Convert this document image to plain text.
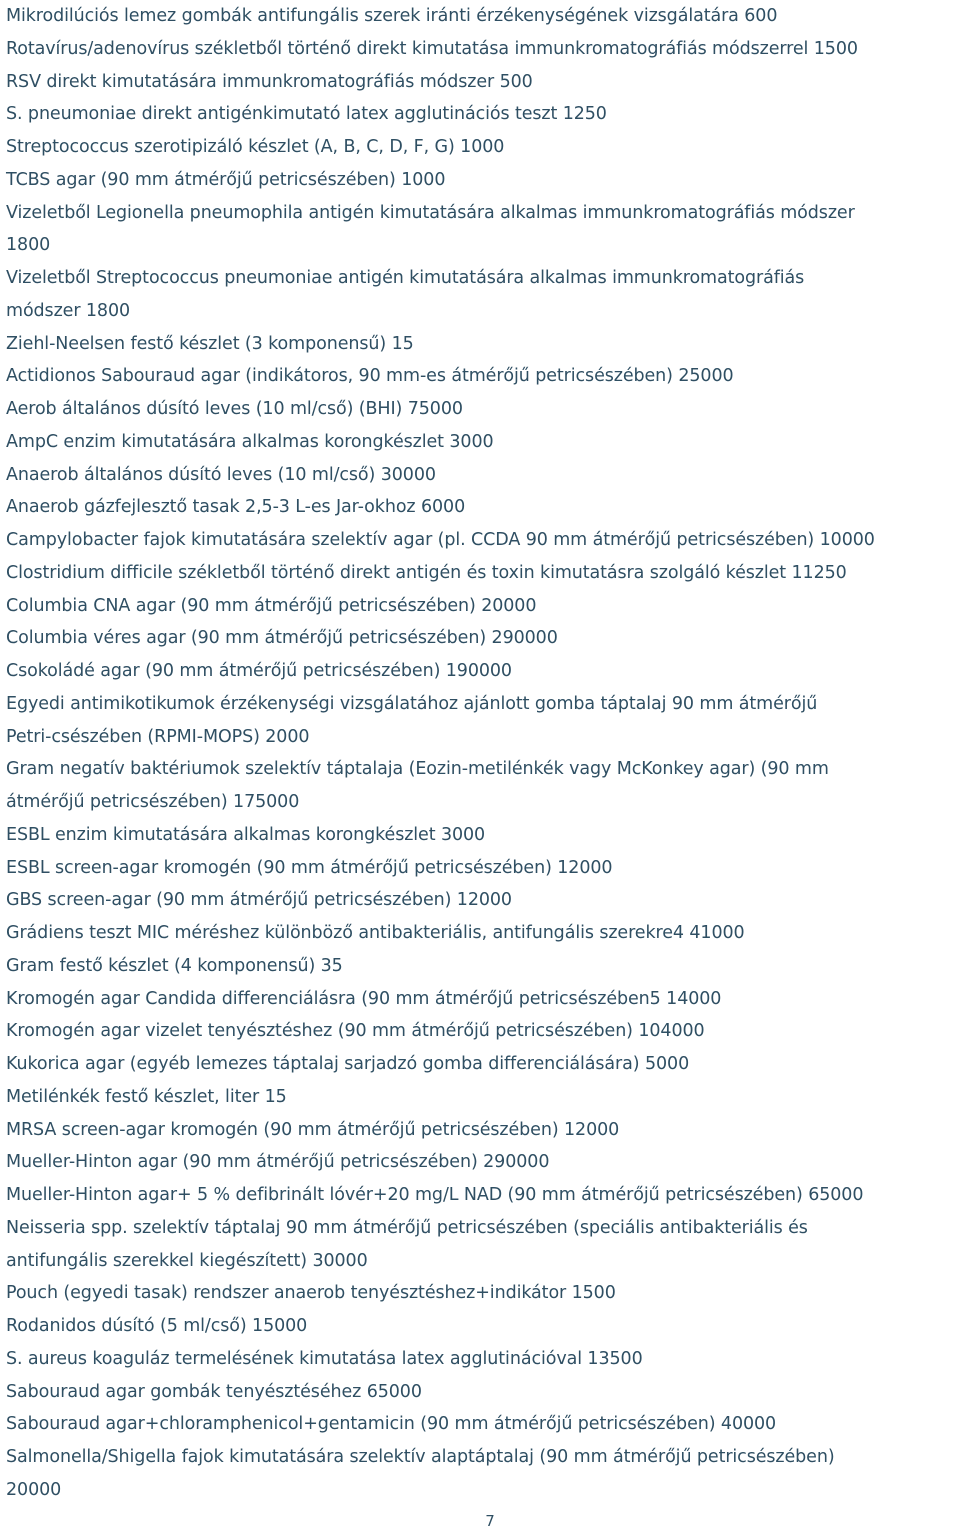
Mikrodilúciós lemez gombák antifungális szerek iránti érzékenységének vizsgálatára 600
Rotavírus/adenovírus székletből történő direkt kimutatása immunkromatográfiás módszerrel 1500
RSV direkt kimutatására immunkromatográfiás módszer 500
S. pneumoniae direkt antigénkimutató latex agglutinációs teszt 1250
Streptococcus szerotipizáló készlet (A, B, C, D, F, G) 1000
TCBS agar (90 mm átmérőjű petricsészében) 1000
Vizeletből Legionella pneumophila antigén kimutatására alkalmas immunkromatográfiás módszer
1800
Vizeletből Streptococcus pneumoniae antigén kimutatására alkalmas immunkromatográfiás
módszer 1800
Ziehl-Neelsen festő készlet (3 komponensű) 15
Actidionos Sabouraud agar (indikátoros, 90 mm-es átmérőjű petricsészében) 25000
Aerob általános dúsító leves (10 ml/cső) (BHI) 75000
AmpC enzim kimutatására alkalmas korongkészlet 3000
Anaerob általános dúsító leves (10 ml/cső) 30000
Anaerob gázfejlesztő tasak 2,5-3 L-es Jar-okhoz 6000
Campylobacter fajok kimutatására szelektív agar (pl. CCDA 90 mm átmérőjű petricsészében) 10000
Clostridium difficile székletből történő direkt antigén és toxin kimutatásra szolgáló készlet 11250
Columbia CNA agar (90 mm átmérőjű petricsészében) 20000
Columbia véres agar (90 mm átmérőjű petricsészében) 290000
Csokoládé agar (90 mm átmérőjű petricsészében) 190000
Egyedi antimikotikumok érzékenységi vizsgálatához ajánlott gomba táptalaj 90 mm átmérőjű
Petri-csészében (RPMI-MOPS) 2000
Gram negatív baktériumok szelektív táptalaja (Eozin-metilénkék vagy McKonkey agar) (90 mm
átmérőjű petricsészében) 175000
ESBL enzim kimutatására alkalmas korongkészlet 3000
ESBL screen-agar kromogén (90 mm átmérőjű petricsészében) 12000
GBS screen-agar (90 mm átmérőjű petricsészében) 12000
Grádiens teszt MIC méréshez különböző antibakteriális, antifungális szerekre4 41000
Gram festő készlet (4 komponensű) 35
Kromogén agar Candida differenciálásra (90 mm átmérőjű petricsészében5 14000
Kromogén agar vizelet tenyésztéshez (90 mm átmérőjű petricsészében) 104000
Kukorica agar (egyéb lemezes táptalaj sarjadzó gomba differenciálására) 5000
Metilénkék festő készlet, liter 15
MRSA screen-agar kromogén (90 mm átmérőjű petricsészében) 12000
Mueller-Hinton agar (90 mm átmérőjű petricsészében) 290000
Mueller-Hinton agar+ 5 % defibrinált lóvér+20 mg/L NAD (90 mm átmérőjű petricsészében) 65000
Neisseria spp. szelektív táptalaj 90 mm átmérőjű petricsészében (speciális antibakteriális és
antifungális szerekkel kiegészített) 30000
Pouch (egyedi tasak) rendszer anaerob tenyésztéshez+indikátor 1500
Rodanidos dúsító (5 ml/cső) 15000
S. aureus koaguláz termelésének kimutatása latex agglutinációval 13500
Sabouraud agar gombák tenyésztéséhez 65000
Sabouraud agar+chloramphenicol+gentamicin (90 mm átmérőjű petricsészében) 40000
Salmonella/Shigella fajok kimutatására szelektív alaptáptalaj (90 mm átmérőjű petricsészében)
20000
7
